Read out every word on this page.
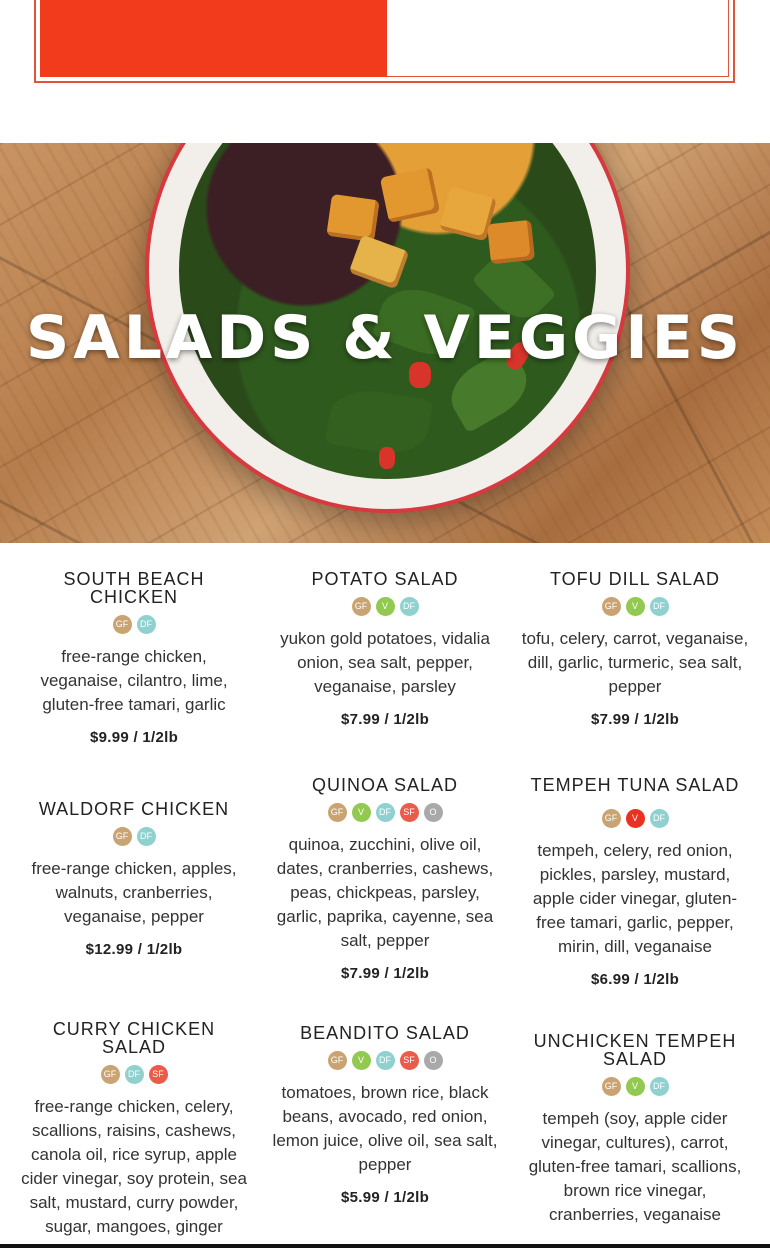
SALADS & VEGGIES
SOUTH BEACH CHICKEN
GF	DF
free-range chicken, veganaise, cilantro, lime, gluten-free tamari, garlic
$9.99 / 1/2lb
WALDORF CHICKEN
GF	DF
free-range chicken, apples, walnuts, cranberries, veganaise, pepper
$12.99 / 1/2lb
CURRY CHICKEN SALAD
GF	DF	SF
free-range chicken, celery, scallions, raisins, cashews, canola oil, rice syrup, apple cider vinegar, soy protein, sea salt, mustard, curry powder, sugar, mangoes, ginger
POTATO SALAD
GF	V	DF
yukon gold potatoes, vidalia onion, sea salt, pepper, veganaise, parsley
$7.99 / 1/2lb
QUINOA SALAD
GF	V	DF	SF	O
quinoa, zucchini, olive oil, dates, cranberries, cashews, peas, chickpeas, parsley, garlic, paprika, cayenne, sea salt, pepper
$7.99 / 1/2lb
BEANDITO SALAD
GF	V	DF	SF	O
tomatoes, brown rice, black beans, avocado, red onion, lemon juice, olive oil, sea salt, pepper
$5.99 / 1/2lb
TOFU DILL SALAD
GF	V	DF
tofu, celery, carrot, veganaise, dill, garlic, turmeric, sea salt, pepper
$7.99 / 1/2lb
TEMPEH TUNA SALAD
GF	V	DF
tempeh, celery, red onion, pickles, parsley, mustard, apple cider vinegar, gluten-free tamari, garlic, pepper, mirin, dill, veganaise
$6.99 / 1/2lb
UNCHICKEN TEMPEH SALAD
GF	V	DF
tempeh (soy, apple cider vinegar, cultures), carrot, gluten-free tamari, scallions, brown rice vinegar, cranberries, veganaise
